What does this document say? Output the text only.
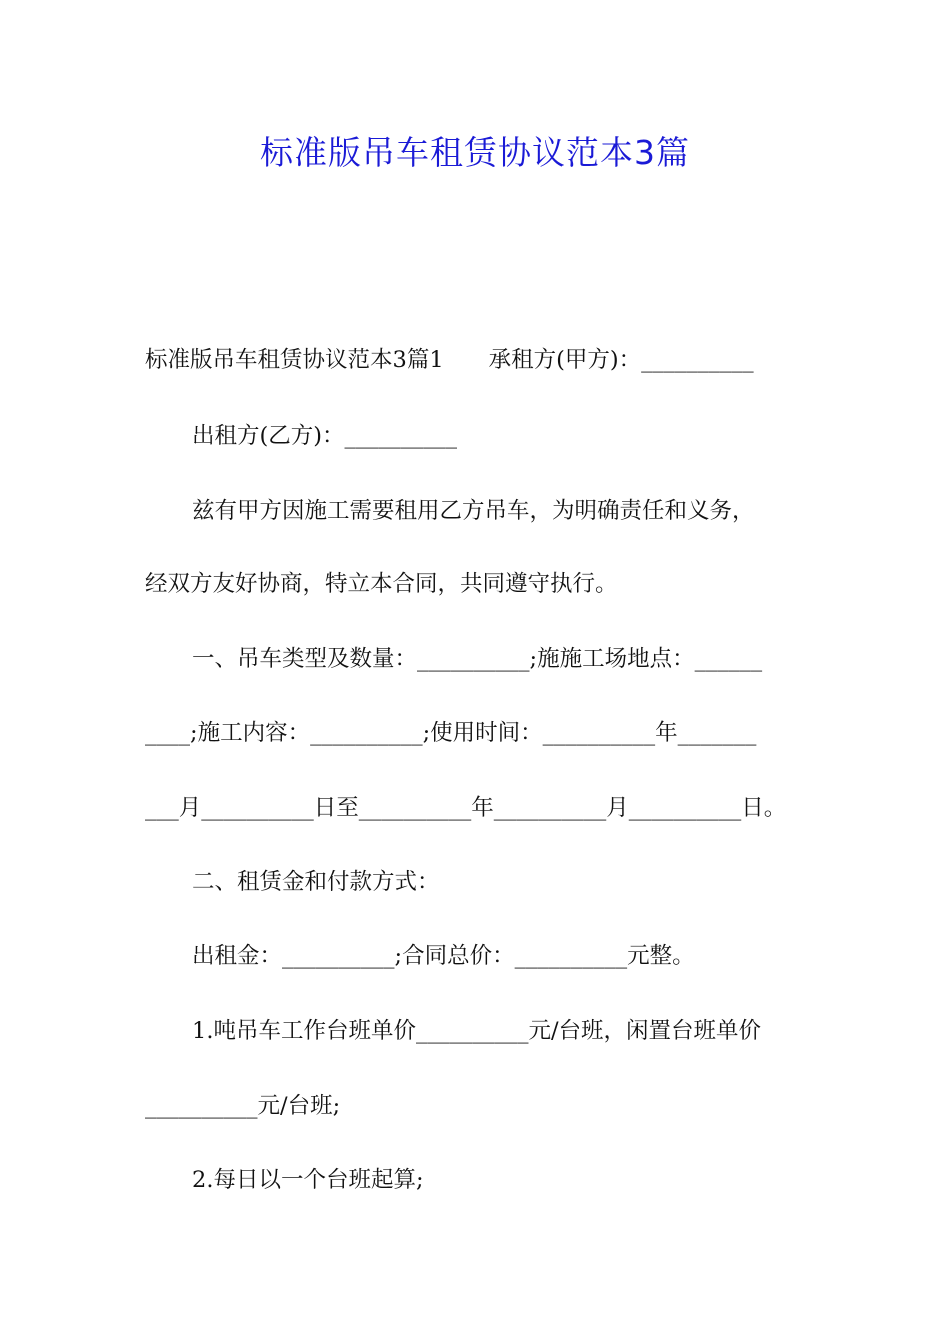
标准版吊车租赁协议范本3篇
标准版吊车租赁协议范本3篇1　　承租方(甲方)：__________
出租方(乙方)：__________
兹有甲方因施工需要租用乙方吊车，为明确责任和义务，
经双方友好协商，特立本合同，共同遵守执行。
一、吊车类型及数量：__________;施施工场地点：______
____;施工内容：__________;使用时间：__________年_______
___月__________日至__________年__________月__________日。
二、租赁金和付款方式：
出租金：__________;合同总价：__________元整。
1.吨吊车工作台班单价__________元/台班，闲置台班单价
__________元/台班;
2.每日以一个台班起算;
